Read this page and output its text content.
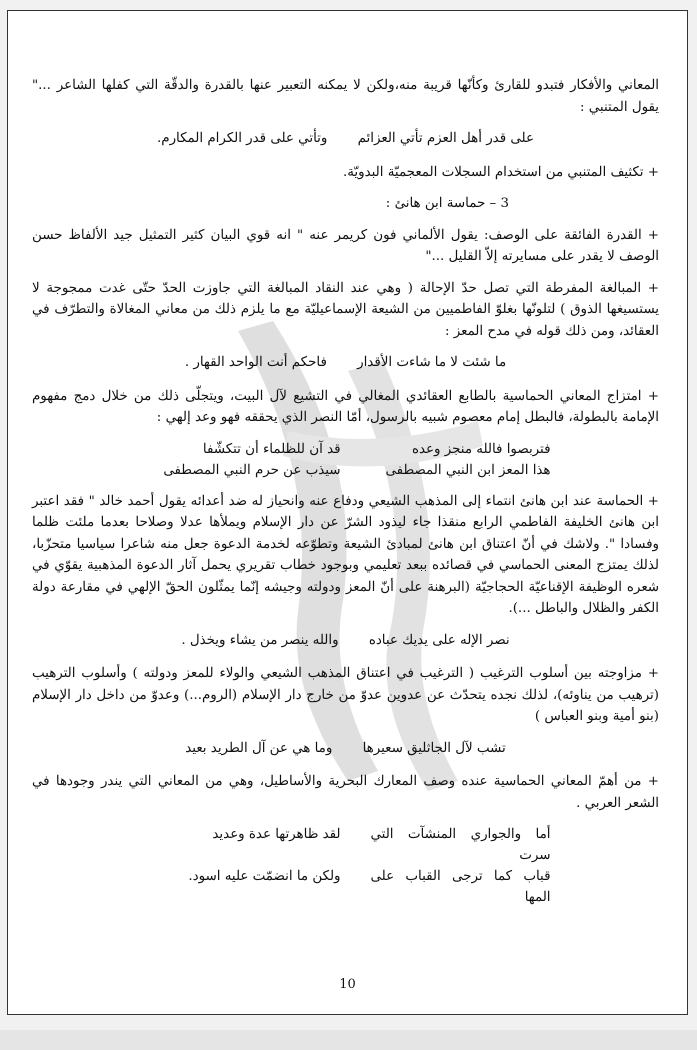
المعاني والأفكار فتبدو للقارئ وكأنّها قريبة منه،ولكن لا يمكنه التعبير عنها بالقدرة والدقّة التي كفلها الشاعر ..." يقول المتنبي :

على قدر أهل العزم تأتي العزائم وتأتي على قدر الكرام المكارم.

+ تكثيف المتنبي من استخدام السجلات المعجميّة البدويّة.

3 – حماسة ابن هانئ :

+ القدرة الفائقة على الوصف: يقول الألماني فون كريمر عنه " انه قوي البيان كثير التمثيل جيد الألفاظ حسن الوصف لا يقدر على مسايرته إلاّ القليل ..."

+ المبالغة المفرطة التي تصل حدّ الإحالة ( وهي عند النقاد المبالغة التي جاوزت الحدّ حتّى غدت ممجوجة لا يستسيغها الذوق ) لتلونّها بغلوّ الفاطميين من الشيعة الإسماعيليّة مع ما يلزم ذلك من معاني المغالاة والتطرّف في العقائد، ومن ذلك قوله في مدح المعز :

ما شئت لا ما شاءت الأقدار فاحكم أنت الواحد القهار .

+ امتزاج المعاني الحماسية بالطابع العقائدي المغالي في التشيع لآل البيت، ويتجلّى ذلك من خلال دمج مفهوم الإمامة بالبطولة، فالبطل إمام معصوم شبيه بالرسول، أمّا النصر الذي يحققه فهو وعد إلهي :

فتربصوا فالله منجز وعده
قد آن للظلماء أن تتكشّفا
هذا المعز ابن النبي المصطفى
سيذب عن حرم النبي المصطفى

+ الحماسة عند ابن هانئ انتماء إلى المذهب الشيعي ودفاع عنه وانحياز له ضد أعدائه يقول أحمد خالد " فقد اعتبر ابن هانئ الخليفة الفاطمي الرابع منقذا جاء ليذود الشرّ عن دار الإسلام ويملأها عدلا وصلاحا بعدما ملئت ظلما وفسادا ". ولاشك في أنّ اعتناق ابن هانئ لمبادئ الشيعة وتطوّعه لخدمة الدعوة جعل منه شاعرا سياسيا متحزّبا، لذلك يمتزج المعنى الحماسي في قصائده ببعد تعليمي وبوجود خطاب تقريري يحمل آثار الدعوة المذهبية يقوّي في شعره الوظيفة الإقناعيّة الحجاجيّة (البرهنة على أنّ المعز ودولته وجيشه إنّما يمثّلون الحقّ الإلهي في مقارعة دولة الكفر والظلال والباطل ...).

نصر الإله على يديك عباده والله ينصر من يشاء ويخذل .

+ مزاوجته بين أسلوب الترغيب ( الترغيب في اعتناق المذهب الشيعي والولاء للمعز ودولته ) وأسلوب الترهيب (ترهيب من يناوئه)، لذلك نجده يتحدّث عن عدوين عدوّ من خارج دار الإسلام (الروم...) وعدوّ من داخل دار الإسلام (بنو أمية وبنو العباس )

تشب لآل الجاثليق سعيرها وما هي عن آل الطريد بعيد

+ من أهمّ المعاني الحماسية عنده وصف المعارك البحرية والأساطيل، وهي من المعاني التي يندر وجودها في الشعر العربي .

أما والجواري المنشآت التي سرت
لقد ظاهرتها عدة وعديد
قباب كما ترجى القباب على المها
ولكن ما انضمّت عليه اسود.
10
